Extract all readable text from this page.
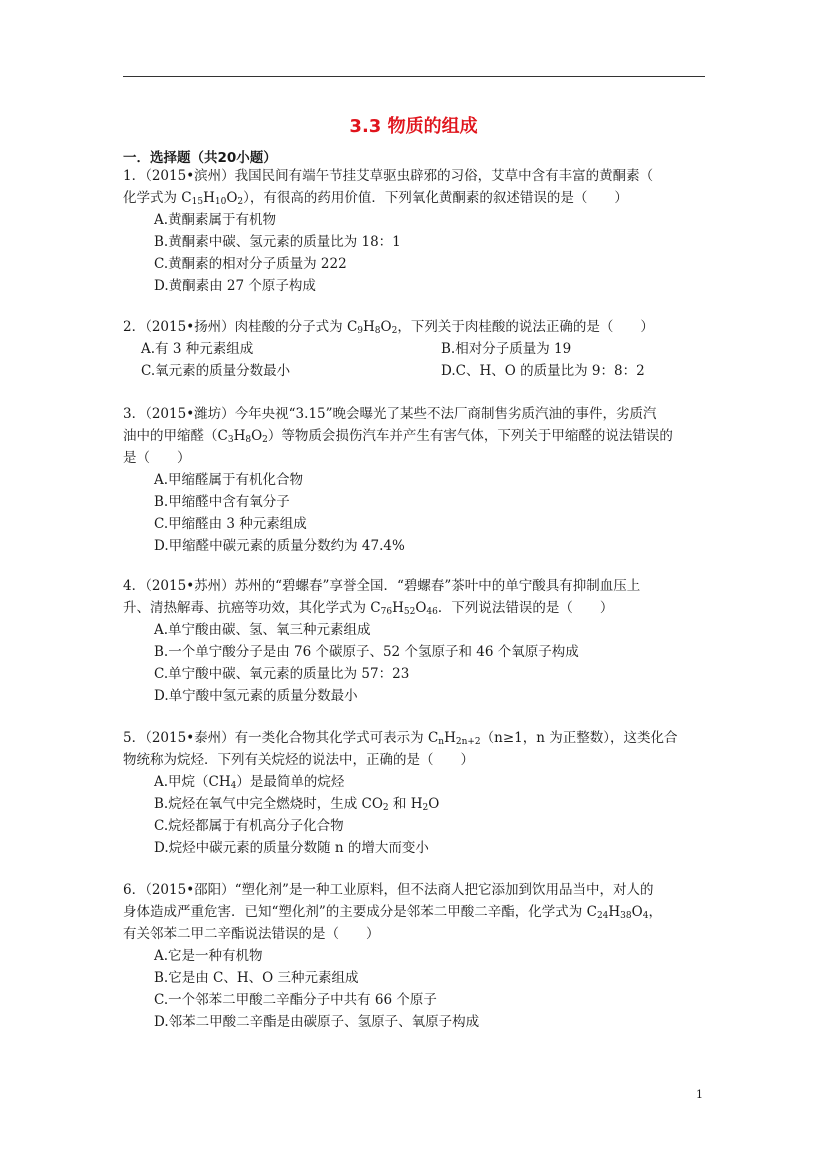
3.3 物质的组成
一．选择题（共20小题）

1．（2015•滨州）我国民间有端午节挂艾草驱虫辟邪的习俗，艾草中含有丰富的黄酮素（

化学式为 $C_{15}H_{10}O_2$），有很高的药用价值．下列氧化黄酮素的叙述错误的是（　　）

A.黄酮素属于有机物

B.黄酮素中碳、氢元素的质量比为 18：1

C.黄酮素的相对分子质量为 222

D.黄酮素由 27 个原子构成

2．（2015•扬州）肉桂酸的分子式为 $C_9H_8O_2$，下列关于肉桂酸的说法正确的是（　　）

A.有 3 种元素组成	B.相对分子质量为 19
C.氧元素的质量分数最小	D.C、H、O 的质量比为 9：8：2

3．（2015•潍坊）今年央视“3.15”晚会曝光了某些不法厂商制售劣质汽油的事件，劣质汽

油中的甲缩醛$(C_3H_8O_2)$等物质会损伤汽车并产生有害气体，下列关于甲缩醛的说法错误的

是（　　）

A.甲缩醛属于有机化合物

B.甲缩醛中含有氧分子

C.甲缩醛由 3 种元素组成

D.甲缩醛中碳元素的质量分数约为 47.4%

4．（2015•苏州）苏州的“碧螺春”享誉全国．“碧螺春”茶叶中的单宁酸具有抑制血压上

升、清热解毒、抗癌等功效，其化学式为 $C_{76}H_{52}O_{46}$．下列说法错误的是（　　）

A.单宁酸由碳、氢、氧三种元素组成

B.一个单宁酸分子是由 76 个碳原子、52 个氢原子和 46 个氧原子构成

C.单宁酸中碳、氧元素的质量比为 57：23

D.单宁酸中氢元素的质量分数最小

5．（2015•泰州）有一类化合物其化学式可表示为 $C_nH_{2n+2}(n\ge 1$，n 为正整数），这类化合

物统称为烷烃．下列有关烷烃的说法中，正确的是（　　）

A.甲烷$(CH_4)$是最简单的烷烃

B.烷烃在氧气中完全燃烧时，生成 $CO_2$ 和 $H_2O$

C.烷烃都属于有机高分子化合物

D.烷烃中碳元素的质量分数随 n 的增大而变小

6．（2015•邵阳）“塑化剂”是一种工业原料，但不法商人把它添加到饮用品当中，对人的

身体造成严重危害．已知“塑化剂”的主要成分是邻苯二甲酸二辛酯，化学式为 $C_{24}H_{38}O_4$，

有关邻苯二甲二辛酯说法错误的是（　　）

A.它是一种有机物

B.它是由 C、H、O 三种元素组成

C.一个邻苯二甲酸二辛酯分子中共有 66 个原子

D.邻苯二甲酸二辛酯是由碳原子、氢原子、氧原子构成

1
